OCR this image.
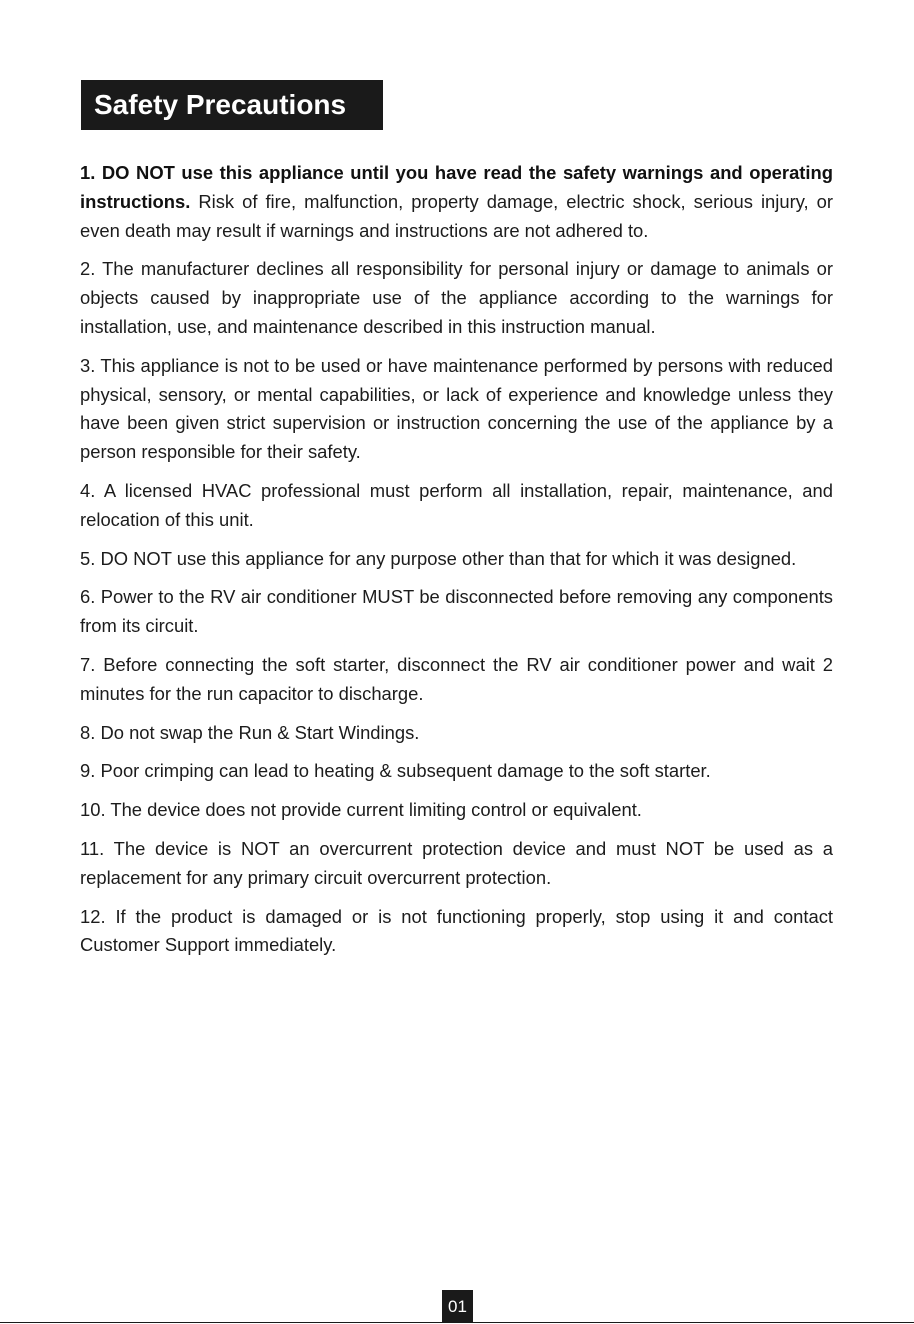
Safety Precautions

1. DO NOT use this appliance until you have read the safety warnings and operating instructions. Risk of fire, malfunction, property damage, electric shock, serious injury, or even death may result if warnings and instructions are not adhered to.

2. The manufacturer declines all responsibility for personal injury or damage to animals or objects caused by inappropriate use of the appliance according to the warnings for installation, use, and maintenance described in this instruction manual.

3. This appliance is not to be used or have maintenance performed by persons with reduced physical, sensory, or mental capabilities, or lack of experience and knowledge unless they have been given strict supervision or instruction concerning the use of the appliance by a person responsible for their safety.

4. A licensed HVAC professional must perform all installation, repair, maintenance, and relocation of this unit.

5. DO NOT use this appliance for any purpose other than that for which it was designed.

6. Power to the RV air conditioner MUST be disconnected before removing any components from its circuit.

7. Before connecting the soft starter, disconnect the RV air conditioner power and wait 2 minutes for the run capacitor to discharge.

8. Do not swap the Run & Start Windings.

9. Poor crimping can lead to heating & subsequent damage to the soft starter.

10. The device does not provide current limiting control or equivalent.

11. The device is NOT an overcurrent protection device and must NOT be used as a replacement for any primary circuit overcurrent protection.

12. If the product is damaged or is not functioning properly, stop using it and contact Customer Support immediately.

01
